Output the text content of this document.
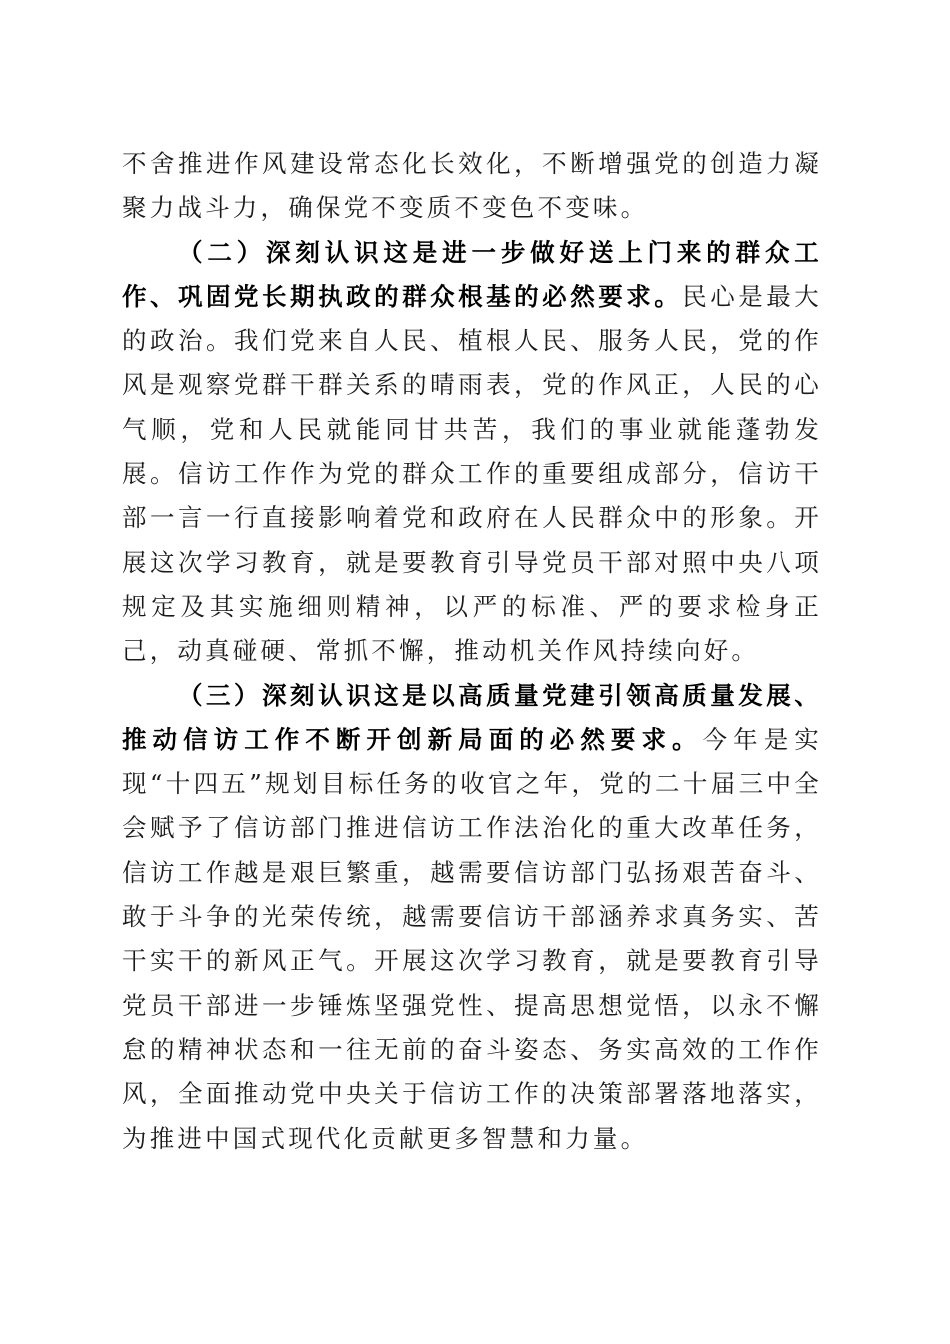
不舍推进作风建设常态化长效化，不断增强党的创造力凝聚力战斗力，确保党不变质不变色不变味。

（二）深刻认识这是进一步做好送上门来的群众工作、巩固党长期执政的群众根基的必然要求。民心是最大的政治。我们党来自人民、植根人民、服务人民，党的作风是观察党群干群关系的晴雨表，党的作风正，人民的心气顺，党和人民就能同甘共苦，我们的事业就能蓬勃发展。信访工作作为党的群众工作的重要组成部分，信访干部一言一行直接影响着党和政府在人民群众中的形象。开展这次学习教育，就是要教育引导党员干部对照中央八项规定及其实施细则精神，以严的标准、严的要求检身正己，动真碰硬、常抓不懈，推动机关作风持续向好。

（三）深刻认识这是以高质量党建引领高质量发展、推动信访工作不断开创新局面的必然要求。今年是实现“十四五”规划目标任务的收官之年，党的二十届三中全会赋予了信访部门推进信访工作法治化的重大改革任务，信访工作越是艰巨繁重，越需要信访部门弘扬艰苦奋斗、敢于斗争的光荣传统，越需要信访干部涵养求真务实、苦干实干的新风正气。开展这次学习教育，就是要教育引导党员干部进一步锤炼坚强党性、提高思想觉悟，以永不懈怠的精神状态和一往无前的奋斗姿态、务实高效的工作作风，全面推动党中央关于信访工作的决策部署落地落实，为推进中国式现代化贡献更多智慧和力量。
